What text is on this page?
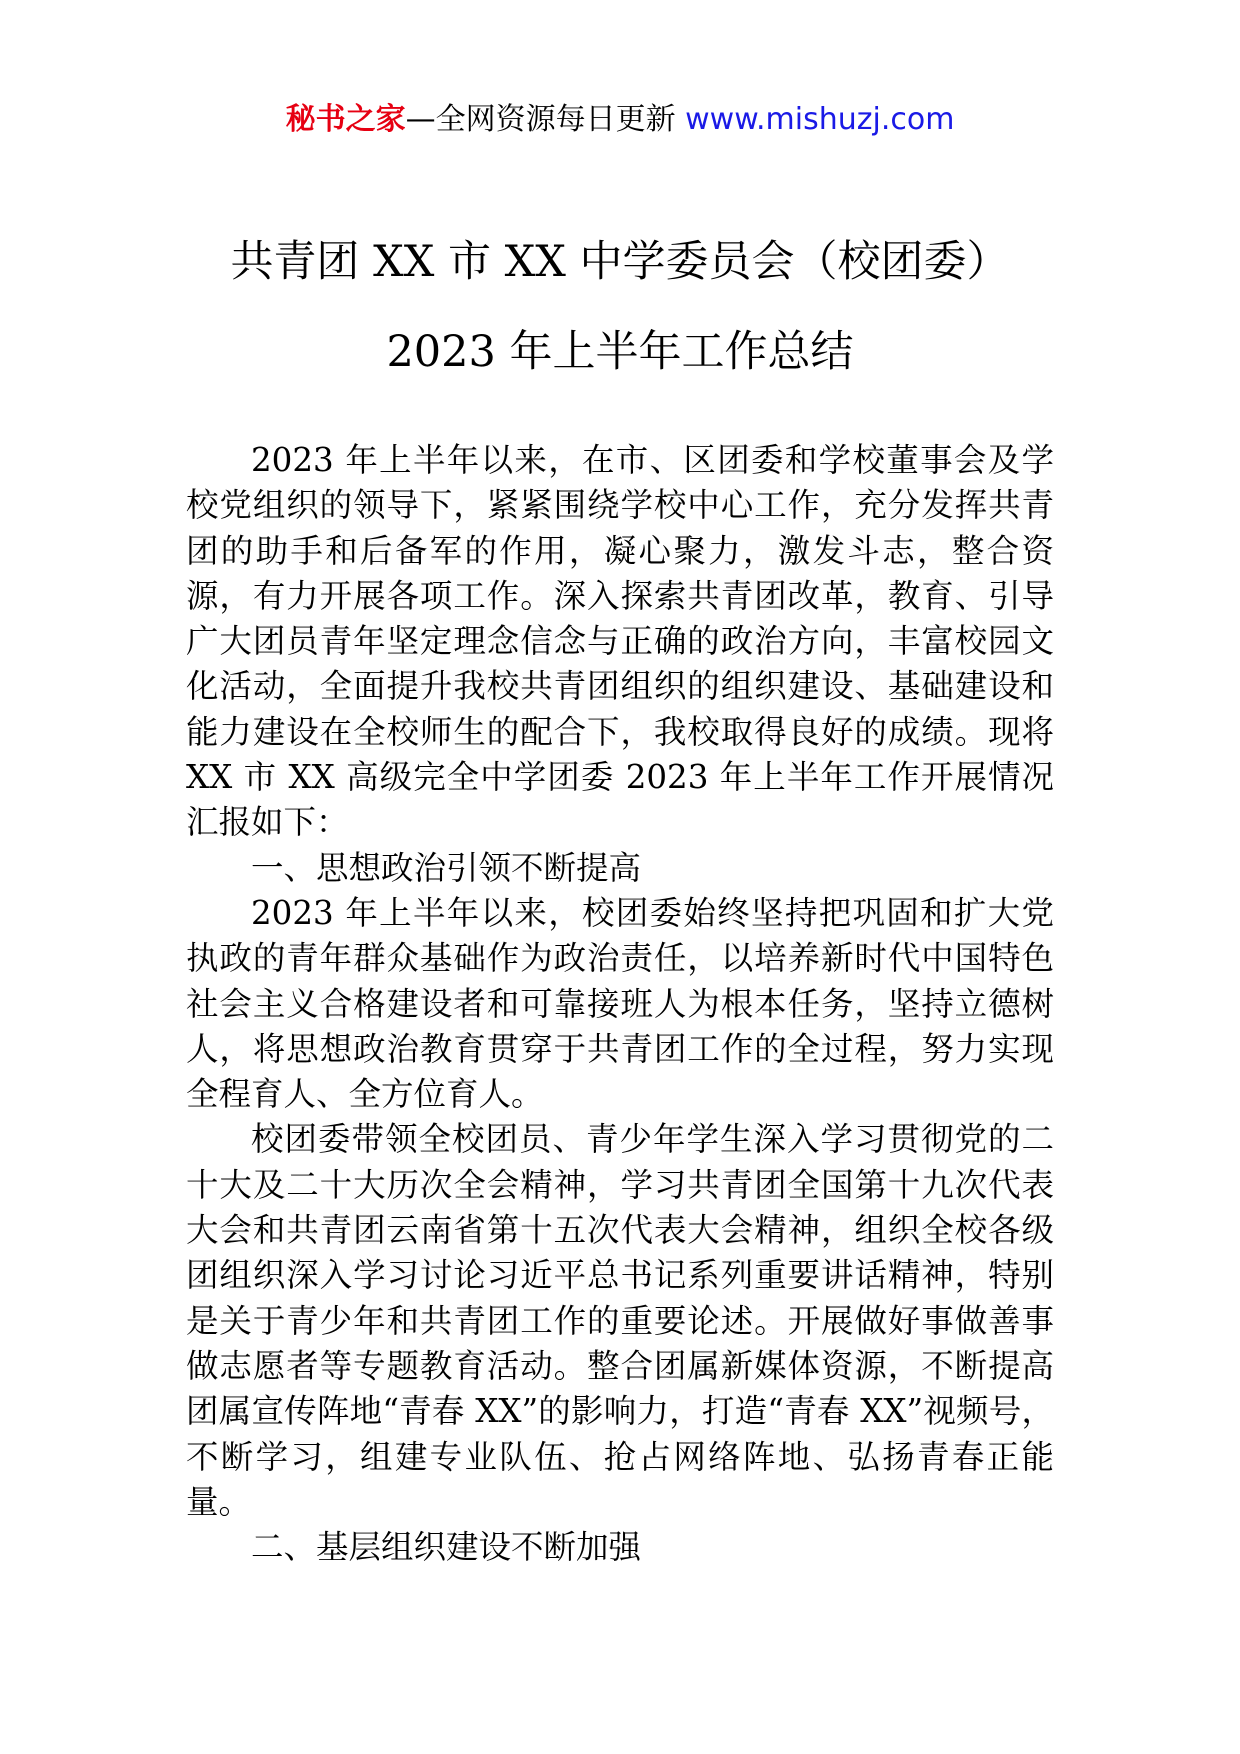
秘书之家—全网资源每日更新 www.mishuzj.com
共青团 XX 市 XX 中学委员会（校团委）
2023 年上半年工作总结

2023 年上半年以来，在市、区团委和学校董事会及学校党组织的领导下，紧紧围绕学校中心工作，充分发挥共青团的助手和后备军的作用，凝心聚力，激发斗志，整合资源，有力开展各项工作。深入探索共青团改革，教育、引导广大团员青年坚定理念信念与正确的政治方向，丰富校园文化活动，全面提升我校共青团组织的组织建设、基础建设和能力建设在全校师生的配合下，我校取得良好的成绩。现将 XX 市 XX 高级完全中学团委 2023 年上半年工作开展情况汇报如下：

一、思想政治引领不断提高

2023 年上半年以来，校团委始终坚持把巩固和扩大党执政的青年群众基础作为政治责任，以培养新时代中国特色社会主义合格建设者和可靠接班人为根本任务，坚持立德树人，将思想政治教育贯穿于共青团工作的全过程，努力实现全程育人、全方位育人。

校团委带领全校团员、青少年学生深入学习贯彻党的二十大及二十大历次全会精神，学习共青团全国第十九次代表大会和共青团云南省第十五次代表大会精神，组织全校各级团组织深入学习讨论习近平总书记系列重要讲话精神，特别是关于青少年和共青团工作的重要论述。开展做好事做善事做志愿者等专题教育活动。整合团属新媒体资源，不断提高团属宣传阵地“青春 XX”的影响力，打造“青春 XX”视频号，不断学习，组建专业队伍、抢占网络阵地、弘扬青春正能量。

二、基层组织建设不断加强
